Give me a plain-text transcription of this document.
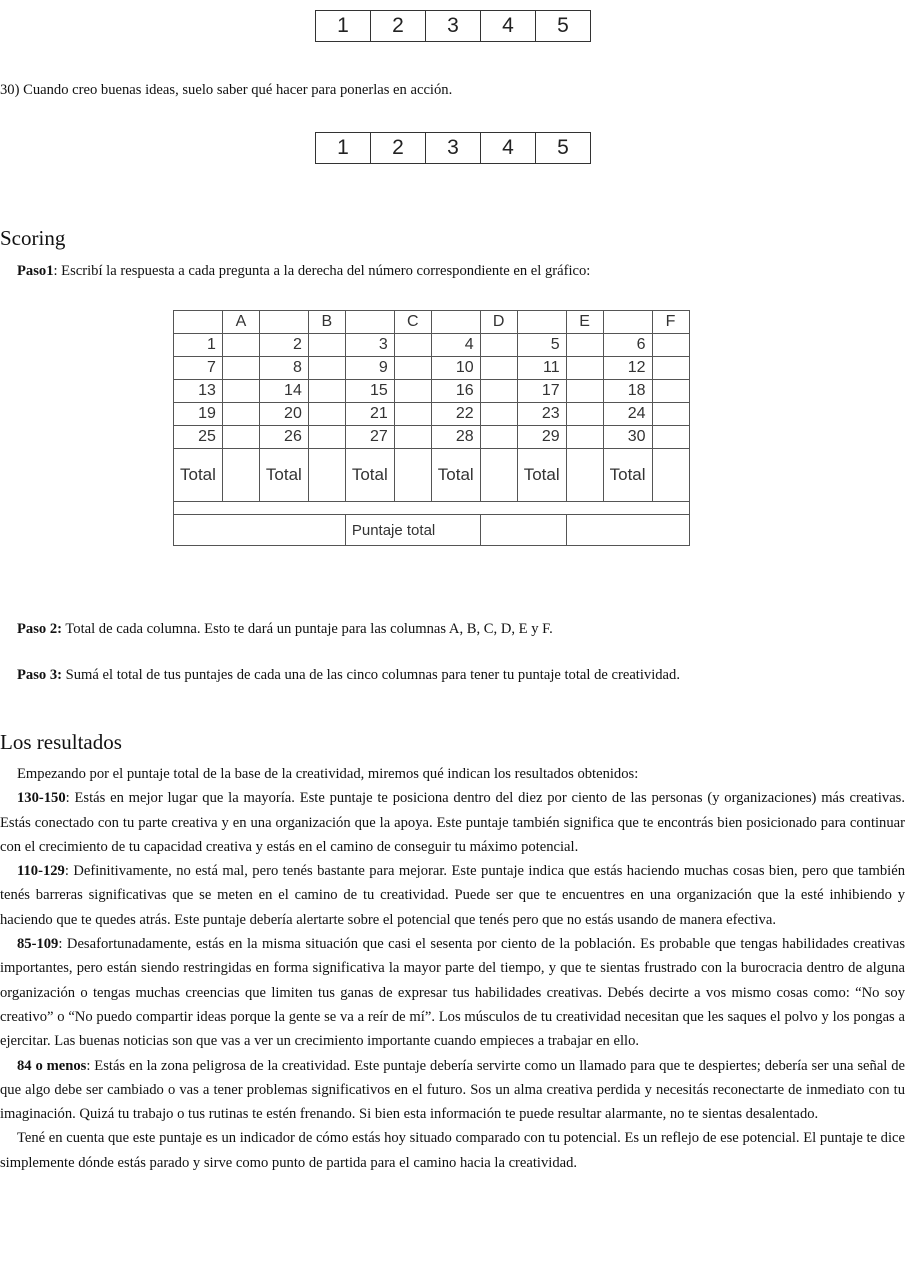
1	2	3	4	5

30) Cuando creo buenas ideas, suelo saber qué hacer para ponerlas en acción.

1	2	3	4	5
Scoring

Paso1: Escribí la respuesta a cada pregunta a la derecha del número correspondiente en el gráfico:

	A		B		C		D		E		F
1		2		3		4		5		6	
7		8		9		10		11		12	
13		14		15		16		17		18	
19		20		21		22		23		24	
25		26		27		28		29		30	
Total		Total		Total		Total		Total		Total	

				Puntaje total							

Paso 2: Total de cada columna. Esto te dará un puntaje para las columnas A, B, C, D, E y F.

Paso 3: Sumá el total de tus puntajes de cada una de las cinco columnas para tener tu puntaje total de creatividad.

Los resultados

Empezando por el puntaje total de la base de la creatividad, miremos qué indican los resultados obtenidos:

130-150: Estás en mejor lugar que la mayoría. Este puntaje te posiciona dentro del diez por ciento de las personas (y organizaciones) más creativas. Estás conectado con tu parte creativa y en una organización que la apoya. Este puntaje también significa que te encontrás bien posicionado para continuar con el crecimiento de tu capacidad creativa y estás en el camino de conseguir tu máximo potencial.

110-129: Definitivamente, no está mal, pero tenés bastante para mejorar. Este puntaje indica que estás haciendo muchas cosas bien, pero que también tenés barreras significativas que se meten en el camino de tu creatividad. Puede ser que te encuentres en una organización que la esté inhibiendo y haciendo que te quedes atrás. Este puntaje debería alertarte sobre el potencial que tenés pero que no estás usando de manera efectiva.

85-109: Desafortunadamente, estás en la misma situación que casi el sesenta por ciento de la población. Es probable que tengas habilidades creativas importantes, pero están siendo restringidas en forma significativa la mayor parte del tiempo, y que te sientas frustrado con la burocracia dentro de alguna organización o tengas muchas creencias que limiten tus ganas de expresar tus habilidades creativas. Debés decirte a vos mismo cosas como: “No soy creativo” o “No puedo compartir ideas porque la gente se va a reír de mí”. Los músculos de tu creatividad necesitan que les saques el polvo y los pongas a ejercitar. Las buenas noticias son que vas a ver un crecimiento importante cuando empieces a trabajar en ello.

84 o menos: Estás en la zona peligrosa de la creatividad. Este puntaje debería servirte como un llamado para que te despiertes; debería ser una señal de que algo debe ser cambiado o vas a tener problemas significativos en el futuro. Sos un alma creativa perdida y necesitás reconectarte de inmediato con tu imaginación. Quizá tu trabajo o tus rutinas te estén frenando. Si bien esta información te puede resultar alarmante, no te sientas desalentado.

Tené en cuenta que este puntaje es un indicador de cómo estás hoy situado comparado con tu potencial. Es un reflejo de ese potencial. El puntaje te dice simplemente dónde estás parado y sirve como punto de partida para el camino hacia la creatividad.
